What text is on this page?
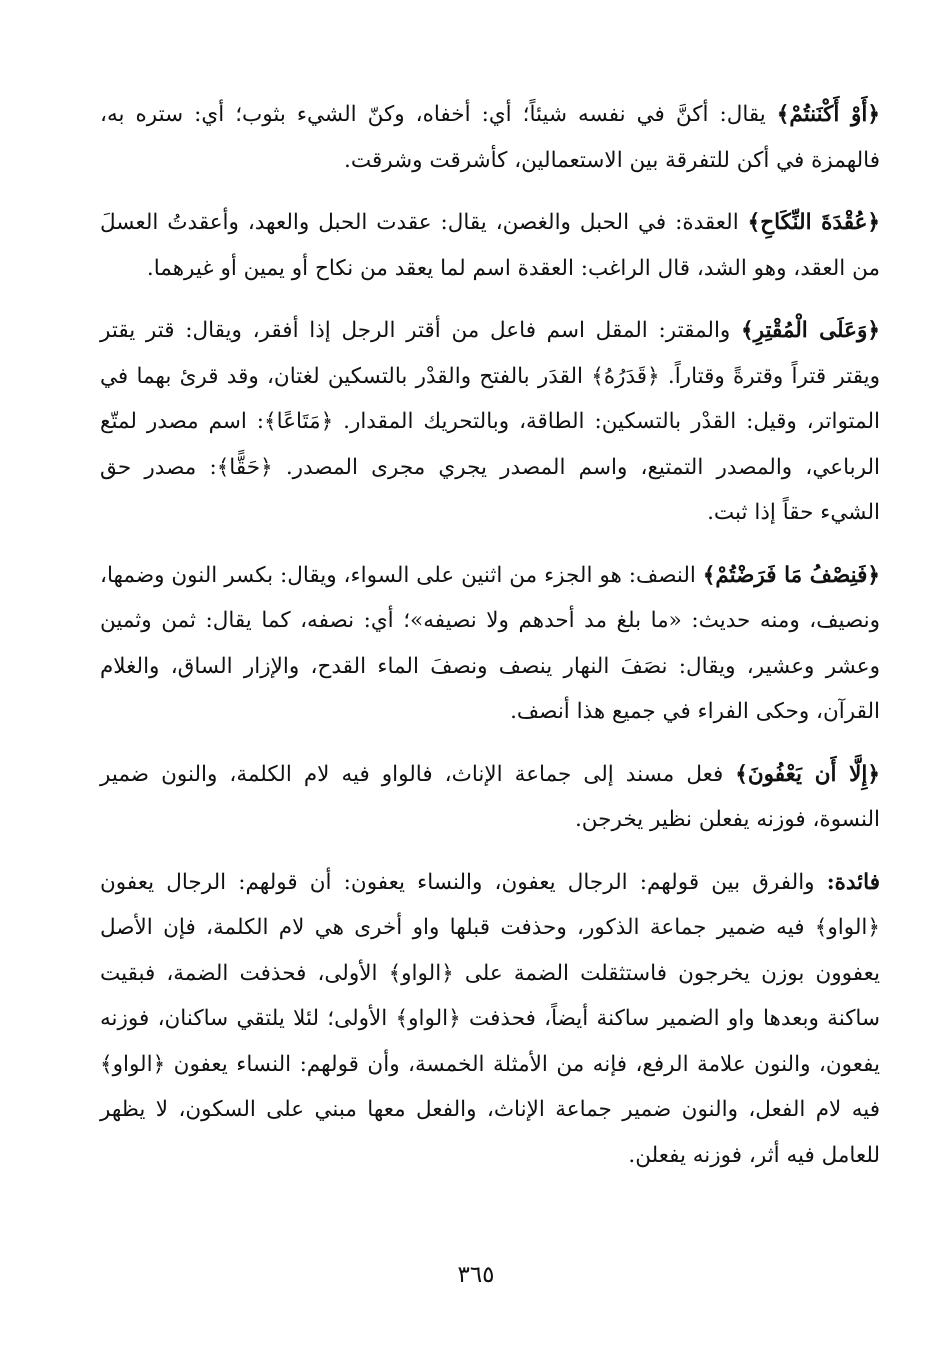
﴿أَوْ أَكْنَنتُمْ﴾ يقال: أكنَّ في نفسه شيئاً؛ أي: أخفاه، وكنّ الشيء بثوب؛ أي: ستره به، فالهمزة في أكن للتفرقة بين الاستعمالين، كأشرقت وشرقت.

﴿عُقْدَةَ النِّكَاحِ﴾ العقدة: في الحبل والغصن، يقال: عقدت الحبل والعهد، وأعقدتُ العسلَ من العقد، وهو الشد، قال الراغب: العقدة اسم لما يعقد من نكاح أو يمين أو غيرهما.

﴿وَعَلَى الْمُقْتِرِ﴾ والمقتر: المقل اسم فاعل من أقتر الرجل إذا أفقر، ويقال: قتر يقتر ويقتر قتراً وقترةً وقتاراً. ﴿قَدَرُهُ﴾ القدَر بالفتح والقدْر بالتسكين لغتان، وقد قرئ بهما في المتواتر، وقيل: القدْر بالتسكين: الطاقة، وبالتحريك المقدار. ﴿مَتَاعًا﴾: اسم مصدر لمتّع الرباعي، والمصدر التمتيع، واسم المصدر يجري مجرى المصدر. ﴿حَقًّا﴾: مصدر حق الشيء حقاً إذا ثبت.

﴿فَنِصْفُ مَا فَرَضْتُمْ﴾ النصف: هو الجزء من اثنين على السواء، ويقال: بكسر النون وضمها، ونصيف، ومنه حديث: «ما بلغ مد أحدهم ولا نصيفه»؛ أي: نصفه، كما يقال: ثمن وثمين وعشر وعشير، ويقال: نصَفَ النهار ينصف ونصفَ الماء القدح، والإزار الساق، والغلام القرآن، وحكى الفراء في جميع هذا أنصف.

﴿إِلَّا أَن يَعْفُونَ﴾ فعل مسند إلى جماعة الإناث، فالواو فيه لام الكلمة، والنون ضمير النسوة، فوزنه يفعلن نظير يخرجن.

فائدة: والفرق بين قولهم: الرجال يعفون، والنساء يعفون: أن قولهم: الرجال يعفون ﴿الواو﴾ فيه ضمير جماعة الذكور، وحذفت قبلها واو أخرى هي لام الكلمة، فإن الأصل يعفوون بوزن يخرجون فاستثقلت الضمة على ﴿الواو﴾ الأولى، فحذفت الضمة، فبقيت ساكنة وبعدها واو الضمير ساكنة أيضاً، فحذفت ﴿الواو﴾ الأولى؛ لئلا يلتقي ساكنان، فوزنه يفعون، والنون علامة الرفع، فإنه من الأمثلة الخمسة، وأن قولهم: النساء يعفون ﴿الواو﴾ فيه لام الفعل، والنون ضمير جماعة الإناث، والفعل معها مبني على السكون، لا يظهر للعامل فيه أثر، فوزنه يفعلن.

٣٦٥
